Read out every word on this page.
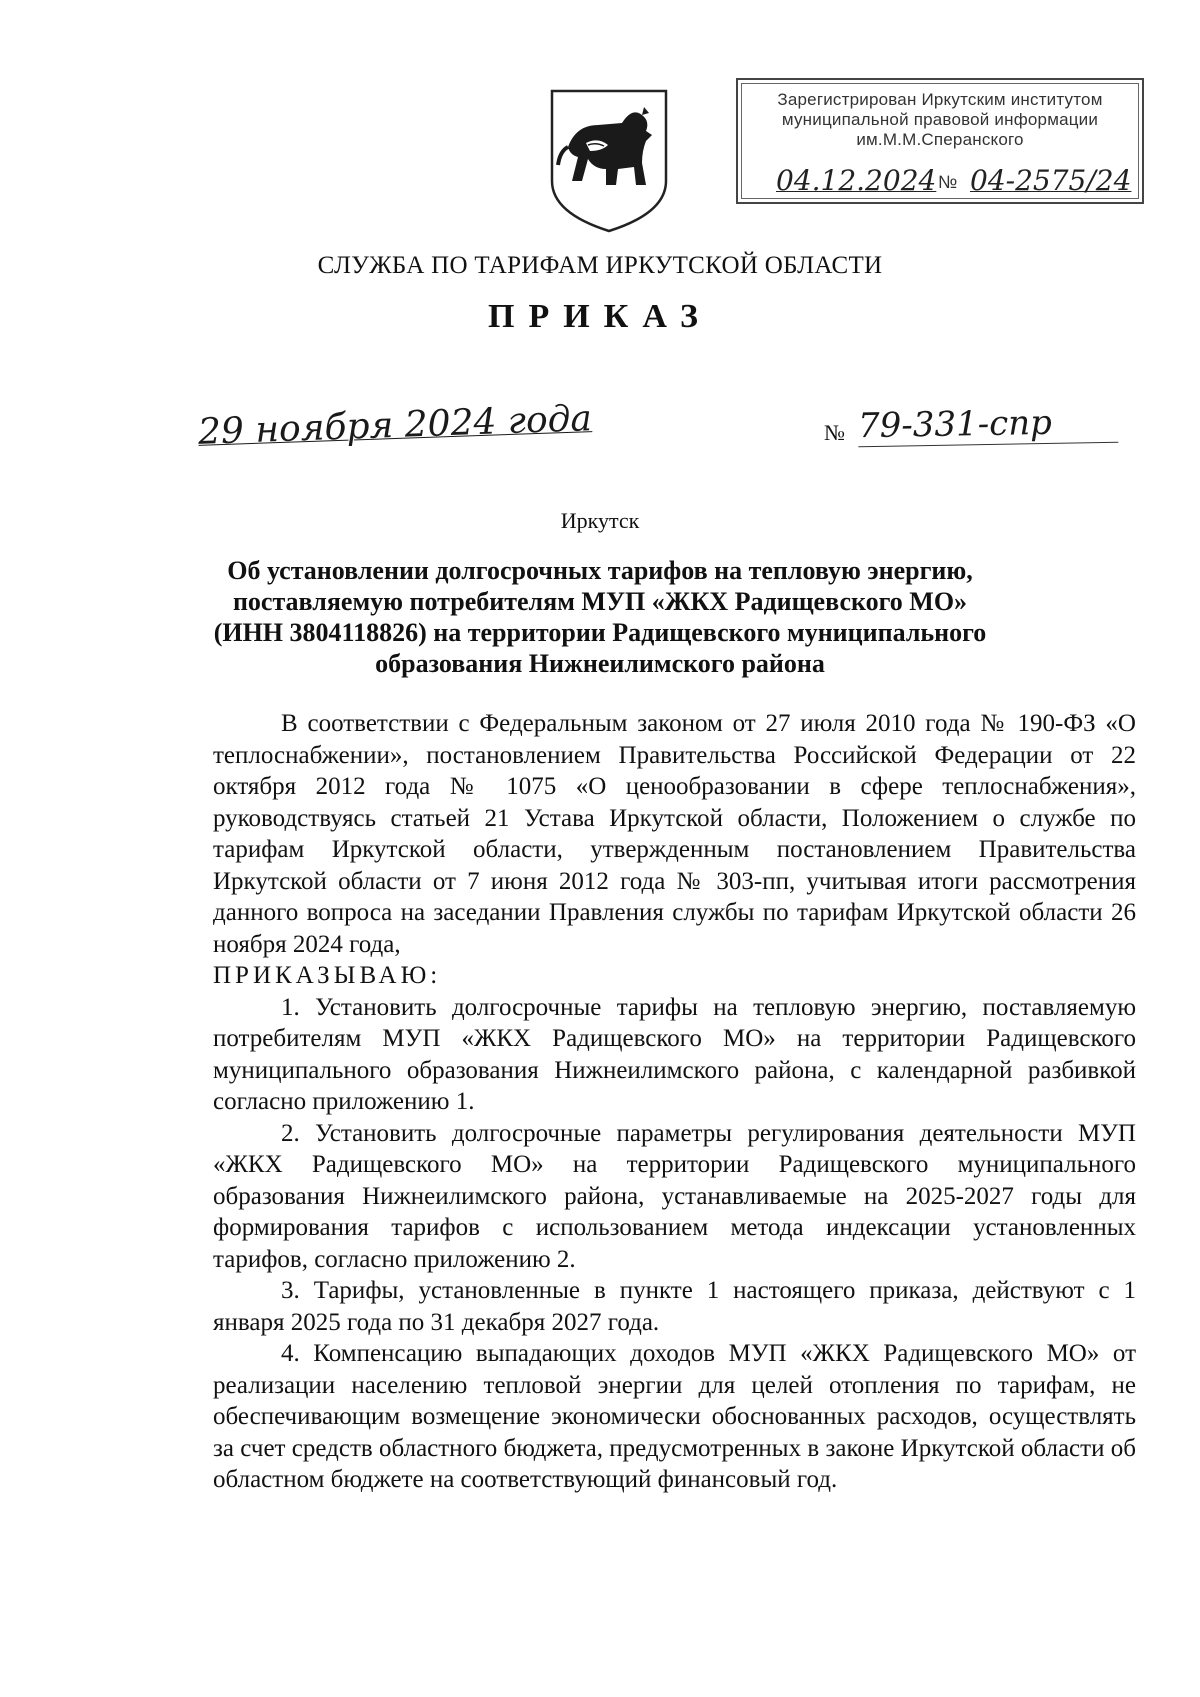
Зарегистрирован Иркутским институтом
муниципальной правовой информации
им.М.М.Сперанского
04.12.2024 № 04-2575/24
СЛУЖБА ПО ТАРИФАМ ИРКУТСКОЙ ОБЛАСТИ
ПРИКАЗ
29 ноября 2024 года	№ 79-331-спр
Иркутск
Об установлении долгосрочных тарифов на тепловую энергию, поставляемую потребителям МУП «ЖКХ Радищевского МО» (ИНН 3804118826) на территории Радищевского муниципального образования Нижнеилимского района

В соответствии с Федеральным законом от 27 июля 2010 года № 190-ФЗ «О теплоснабжении», постановлением Правительства Российской Федерации от 22 октября 2012 года № 1075 «О ценообразовании в сфере теплоснабжения», руководствуясь статьей 21 Устава Иркутской области, Положением о службе по тарифам Иркутской области, утвержденным постановлением Правительства Иркутской области от 7 июня 2012 года № 303-пп, учитывая итоги рассмотрения данного вопроса на заседании Правления службы по тарифам Иркутской области 26 ноября 2024 года,

ПРИКАЗЫВАЮ:

1. Установить долгосрочные тарифы на тепловую энергию, поставляемую потребителям МУП «ЖКХ Радищевского МО» на территории Радищевского муниципального образования Нижнеилимского района, с календарной разбивкой согласно приложению 1.

2. Установить долгосрочные параметры регулирования деятельности МУП «ЖКХ Радищевского МО» на территории Радищевского муниципального образования Нижнеилимского района, устанавливаемые на 2025-2027 годы для формирования тарифов с использованием метода индексации установленных тарифов, согласно приложению 2.

3. Тарифы, установленные в пункте 1 настоящего приказа, действуют с 1 января 2025 года по 31 декабря 2027 года.

4. Компенсацию выпадающих доходов МУП «ЖКХ Радищевского МО» от реализации населению тепловой энергии для целей отопления по тарифам, не обеспечивающим возмещение экономически обоснованных расходов, осуществлять за счет средств областного бюджета, предусмотренных в законе Иркутской области об областном бюджете на соответствующий финансовый год.
